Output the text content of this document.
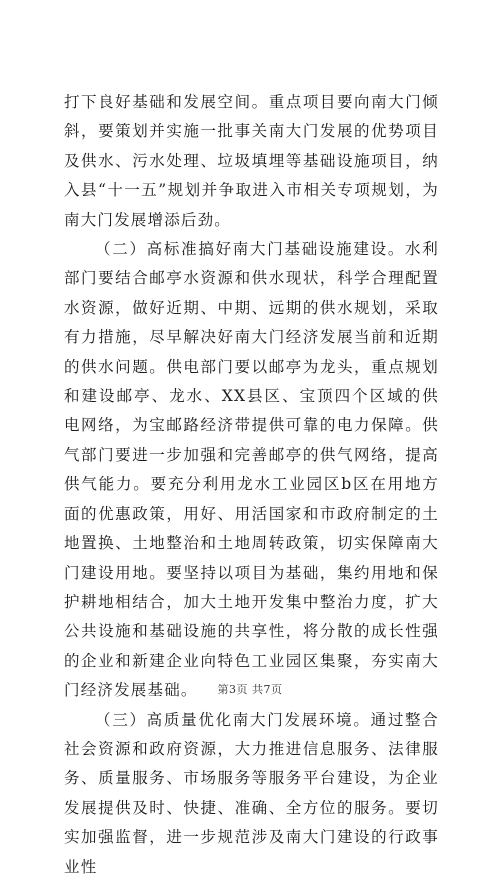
打下良好基础和发展空间。重点项目要向南大门倾斜，要策划并实施一批事关南大门发展的优势项目及供水、污水处理、垃圾填埋等基础设施项目，纳入县“十一五”规划并争取进入市相关专项规划，为南大门发展增添后劲。

（二）高标准搞好南大门基础设施建设。水利部门要结合邮亭水资源和供水现状，科学合理配置水资源，做好近期、中期、远期的供水规划，采取有力措施，尽早解决好南大门经济发展当前和近期的供水问题。供电部门要以邮亭为龙头，重点规划和建设邮亭、龙水、XX县区、宝顶四个区域的供电网络，为宝邮路经济带提供可靠的电力保障。供气部门要进一步加强和完善邮亭的供气网络，提高供气能力。要充分利用龙水工业园区b区在用地方面的优惠政策，用好、用活国家和市政府制定的土地置换、土地整治和土地周转政策，切实保障南大门建设用地。要坚持以项目为基础，集约用地和保护耕地相结合，加大土地开发集中整治力度，扩大公共设施和基础设施的共享性，将分散的成长性强的企业和新建企业向特色工业园区集聚，夯实南大门经济发展基础。

（三）高质量优化南大门发展环境。通过整合社会资源和政府资源，大力推进信息服务、法律服务、质量服务、市场服务等服务平台建设，为企业发展提供及时、快捷、准确、全方位的服务。要切实加强监督，进一步规范涉及南大门建设的行政事业性

第3页 共7页
